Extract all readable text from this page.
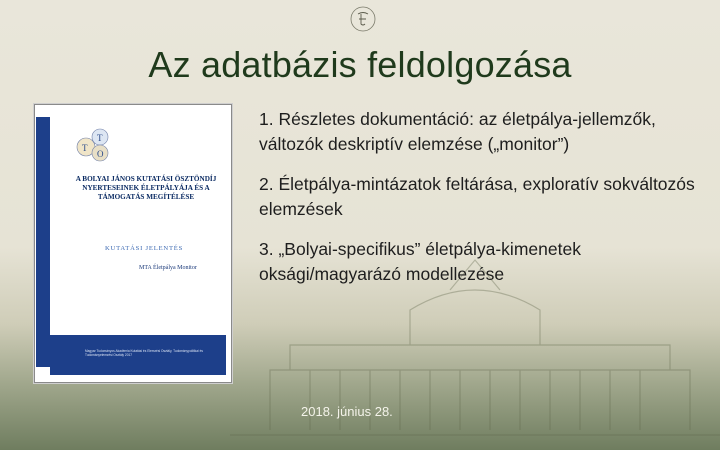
Az adatbázis feldolgozása
T
T
O
A BOLYAI JÁNOS KUTATÁSI ÖSZTÖNDÍJ NYERTESEINEK ÉLETPÁLYÁJA ÉS A TÁMOGATÁS MEGÍTÉLÉSE
KUTATÁSI JELENTÉS
MTA Életpálya Monitor
Magyar Tudományos Akadémia Kutatási és Elemzési Osztály, Tudománypolitikai és Tudományelemzési Osztály 2017
1. Részletes dokumentáció: az életpálya-jellemzők, változók deskriptív elemzése („monitor”)
2. Életpálya-mintázatok feltárása, exploratív sokváltozós elemzések
3. „Bolyai-specifikus” életpálya-kimenetek oksági/magyarázó modellezése
2018. június 28.
